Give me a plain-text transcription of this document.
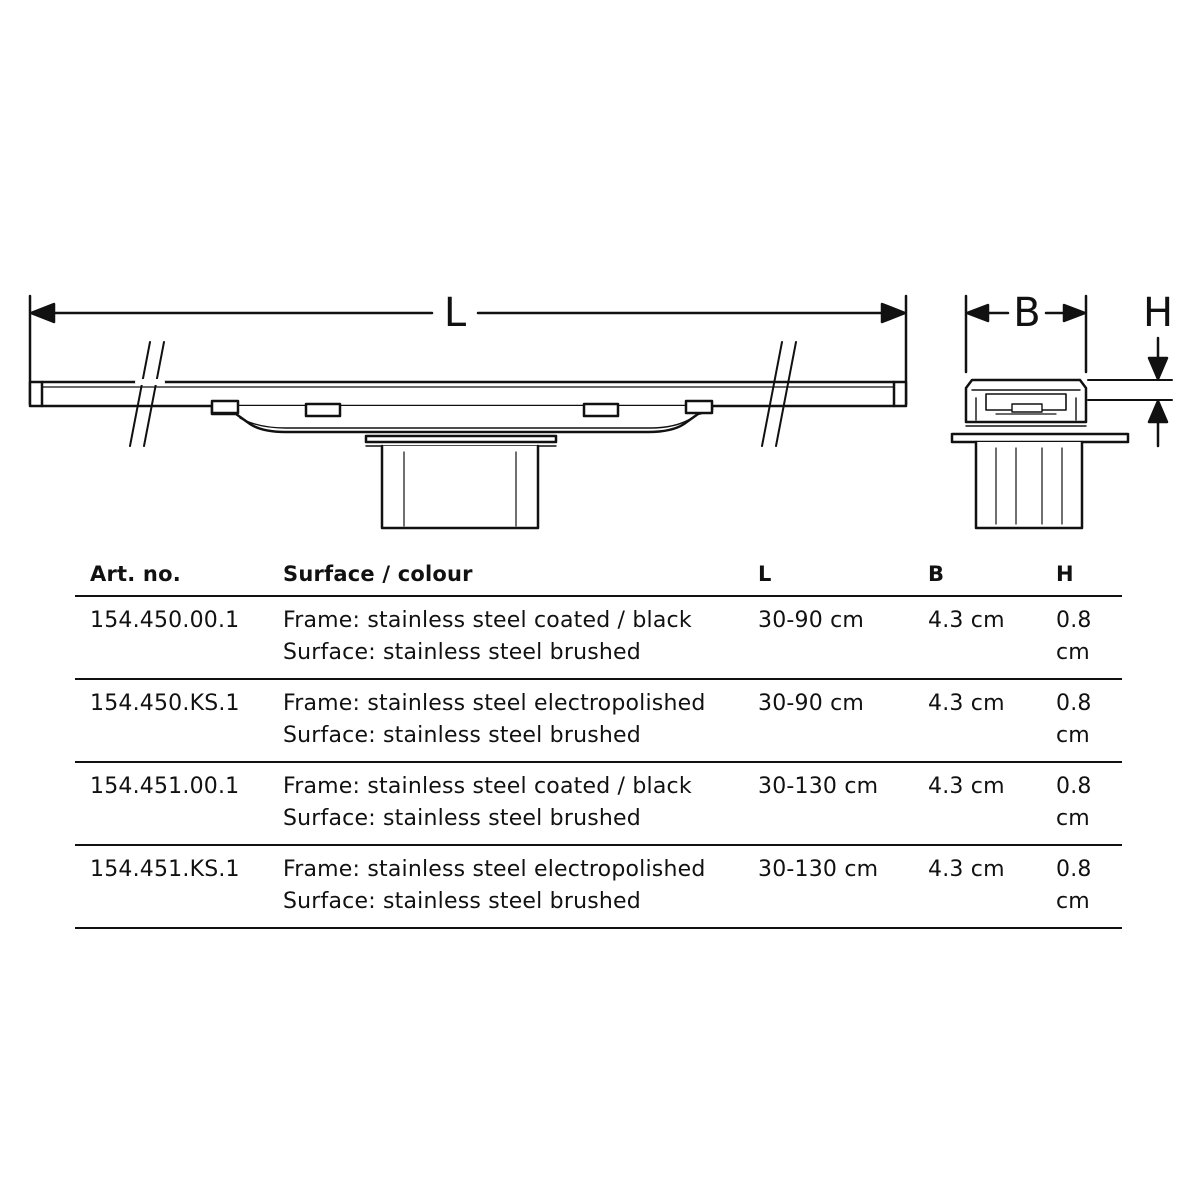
L	B	H
Art. no.	Surface / colour	L	B	H
154.450.00.1	Frame: stainless steel coated / black
Surface: stainless steel brushed	30-90 cm	4.3 cm	0.8 cm
154.450.KS.1	Frame: stainless steel electropolished
Surface: stainless steel brushed	30-90 cm	4.3 cm	0.8 cm
154.451.00.1	Frame: stainless steel coated / black
Surface: stainless steel brushed	30-130 cm	4.3 cm	0.8 cm
154.451.KS.1	Frame: stainless steel electropolished
Surface: stainless steel brushed	30-130 cm	4.3 cm	0.8 cm
